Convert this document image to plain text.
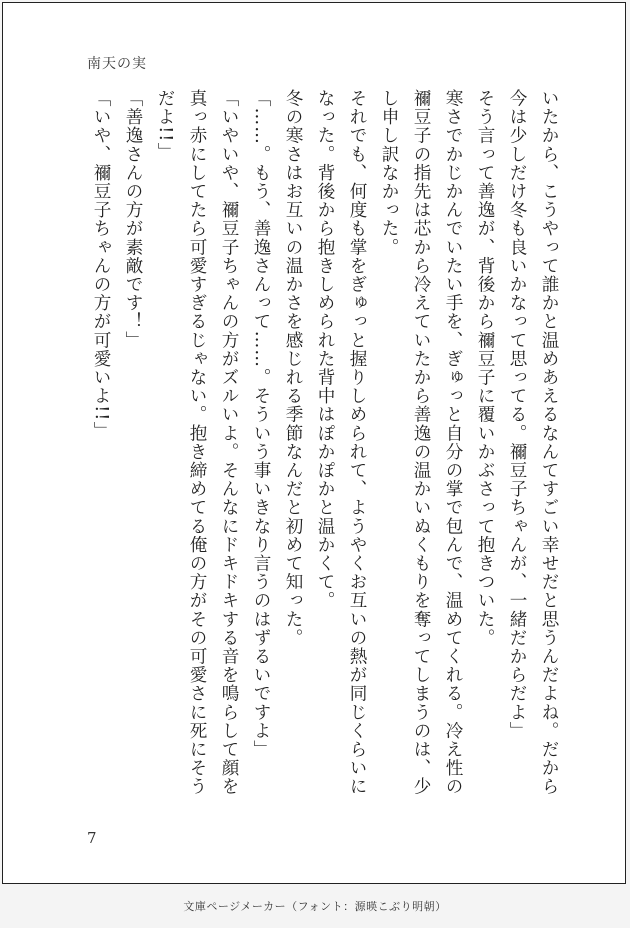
南天の実

いたから、こうやって誰かと温めあえるなんてすごい幸せだと思うんだよね。だから今は少しだけ冬も良いかなって思ってる。禰豆子ちゃんが、一緒だからだよ」

そう言って善逸が、背後から禰豆子に覆いかぶさって抱きついた。

寒さでかじかんでいたい手を、ぎゅっと自分の掌で包んで、温めてくれる。冷え性の禰豆子の指先は芯から冷えていたから善逸の温かいぬくもりを奪ってしまうのは、少し申し訳なかった。

それでも、何度も掌をぎゅっと握りしめられて、ようやくお互いの熱が同じくらいになった。背後から抱きしめられた背中はぽかぽかと温かくて。

冬の寒さはお互いの温かさを感じれる季節なんだと初めて知った。

「……。もう、善逸さんって……。そういう事いきなり言うのはずるいですよ」

「いやいや、禰豆子ちゃんの方がズルいよ。そんなにドキドキする音を鳴らして顔を真っ赤にしてたら可愛すぎるじゃない。抱き締めてる俺の方がその可愛さに死にそうだよ!!」

「善逸さんの方が素敵です！」

「いや、禰豆子ちゃんの方が可愛いよ!!」

7
文庫ページメーカー（フォント：源暎こぶり明朝）
